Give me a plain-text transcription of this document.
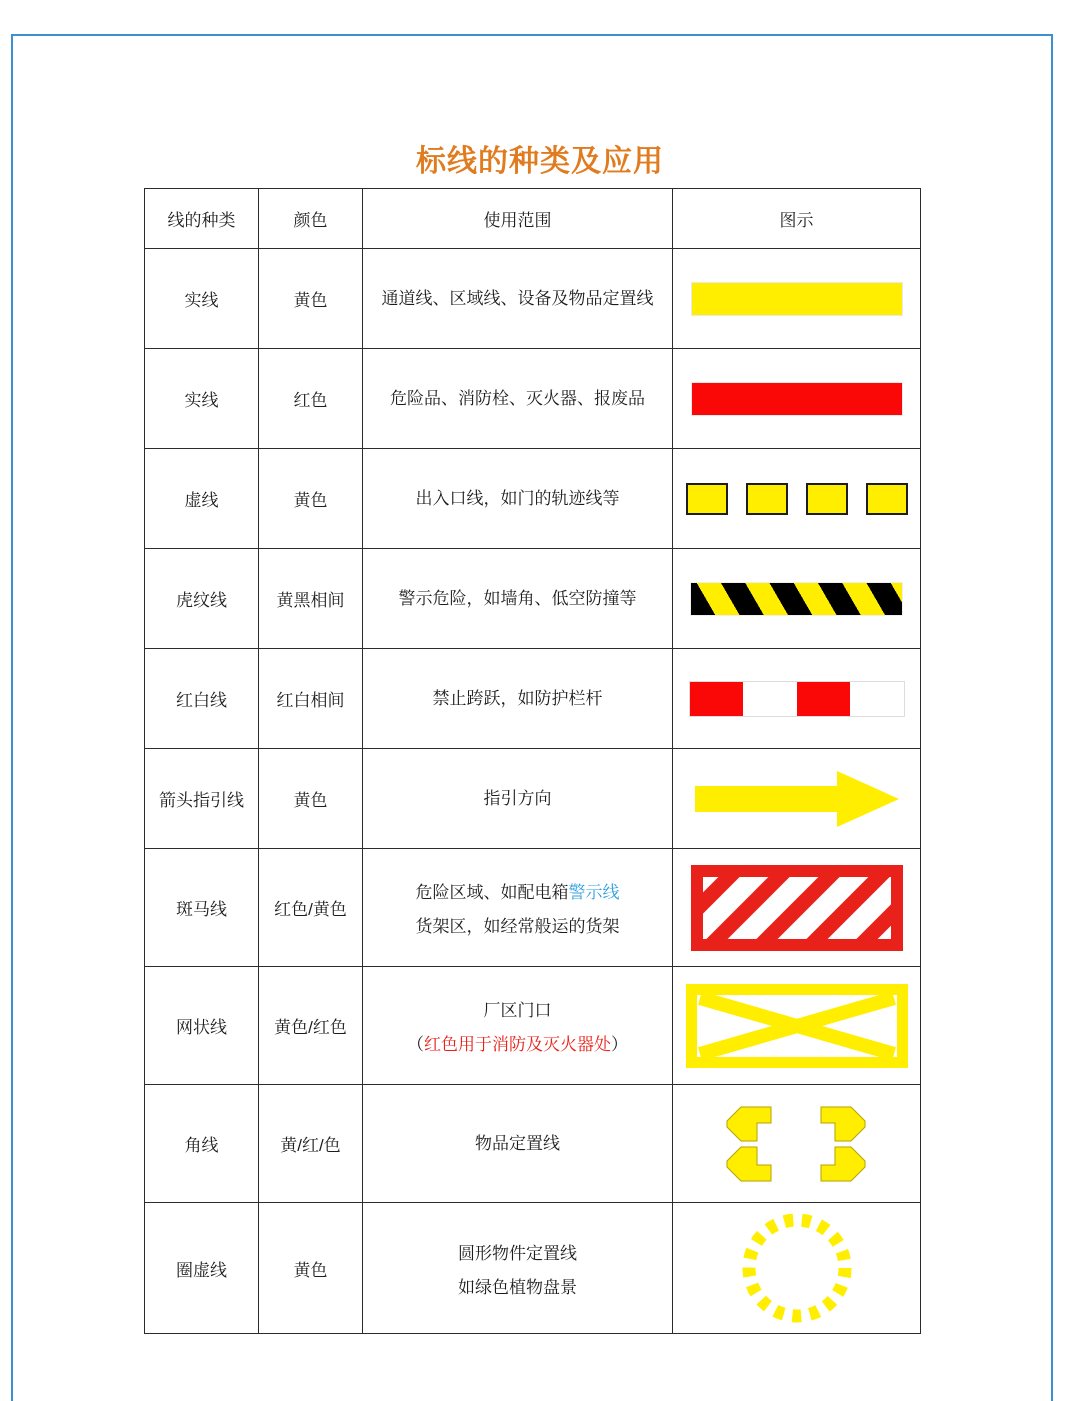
标线的种类及应用
线的种类	颜色	使用范围	图示
实线	黄色	通道线、区域线、设备及物品定置线	

实线	红色	危险品、消防栓、灭火器、报废品	

虚线	黄色	出入口线，如门的轨迹线等	

虎纹线	黄黑相间	警示危险，如墙角、低空防撞等	

红白线	红白相间	禁止跨跃，如防护栏杆	

箭头指引线	黄色	指引方向	

斑马线	红色/黄色	危险区域、如配电箱警示线
货架区，如经常般运的货架

网状线	黄色/红色	厂区门口
（红色用于消防及灭火器处）

角线	黄/红/色	物品定置线	

圈虚线	黄色	圆形物件定置线
如绿色植物盘景
